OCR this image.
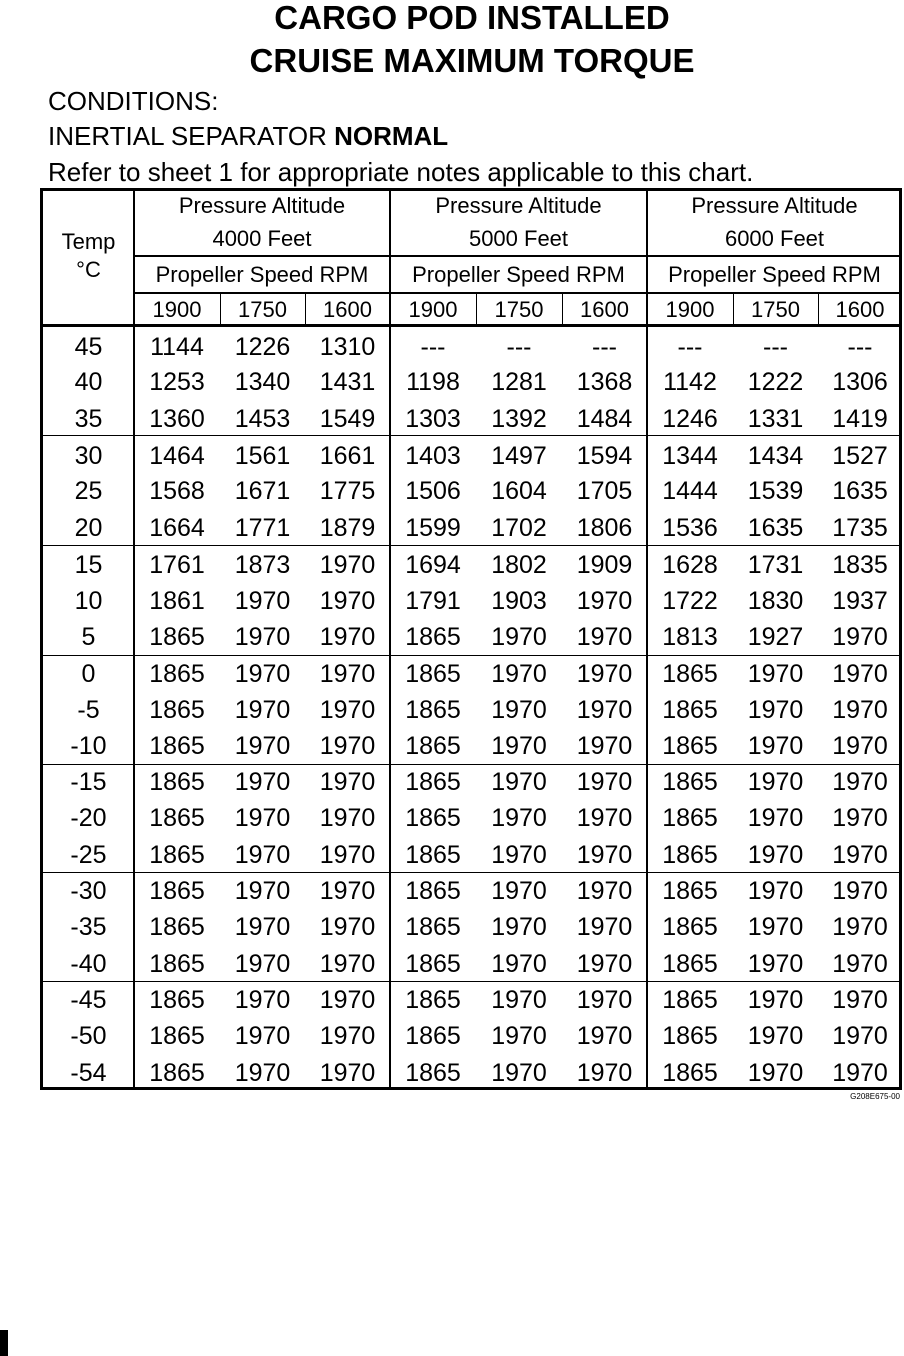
CARGO POD INSTALLED
CRUISE MAXIMUM TORQUE
CONDITIONS:
INERTIAL SEPARATOR NORMAL
Refer to sheet 1 for appropriate notes applicable to this chart.
Temp
°C
Pressure Altitude
4000 Feet
Propeller Speed RPM
Pressure Altitude
5000 Feet
Propeller Speed RPM
Pressure Altitude
6000 Feet
Propeller Speed RPM
1900	1750	1600	1900	1750	1600	1900	1750	1600
45	1144	1226	1310	---	---	---	---	---	---
40	1253	1340	1431	1198	1281	1368	1142	1222	1306
35	1360	1453	1549	1303	1392	1484	1246	1331	1419
30	1464	1561	1661	1403	1497	1594	1344	1434	1527
25	1568	1671	1775	1506	1604	1705	1444	1539	1635
20	1664	1771	1879	1599	1702	1806	1536	1635	1735
15	1761	1873	1970	1694	1802	1909	1628	1731	1835
10	1861	1970	1970	1791	1903	1970	1722	1830	1937
5	1865	1970	1970	1865	1970	1970	1813	1927	1970
0	1865	1970	1970	1865	1970	1970	1865	1970	1970
-5	1865	1970	1970	1865	1970	1970	1865	1970	1970
-10	1865	1970	1970	1865	1970	1970	1865	1970	1970
-15	1865	1970	1970	1865	1970	1970	1865	1970	1970
-20	1865	1970	1970	1865	1970	1970	1865	1970	1970
-25	1865	1970	1970	1865	1970	1970	1865	1970	1970
-30	1865	1970	1970	1865	1970	1970	1865	1970	1970
-35	1865	1970	1970	1865	1970	1970	1865	1970	1970
-40	1865	1970	1970	1865	1970	1970	1865	1970	1970
-45	1865	1970	1970	1865	1970	1970	1865	1970	1970
-50	1865	1970	1970	1865	1970	1970	1865	1970	1970
-54	1865	1970	1970	1865	1970	1970	1865	1970	1970
G208E675-00
